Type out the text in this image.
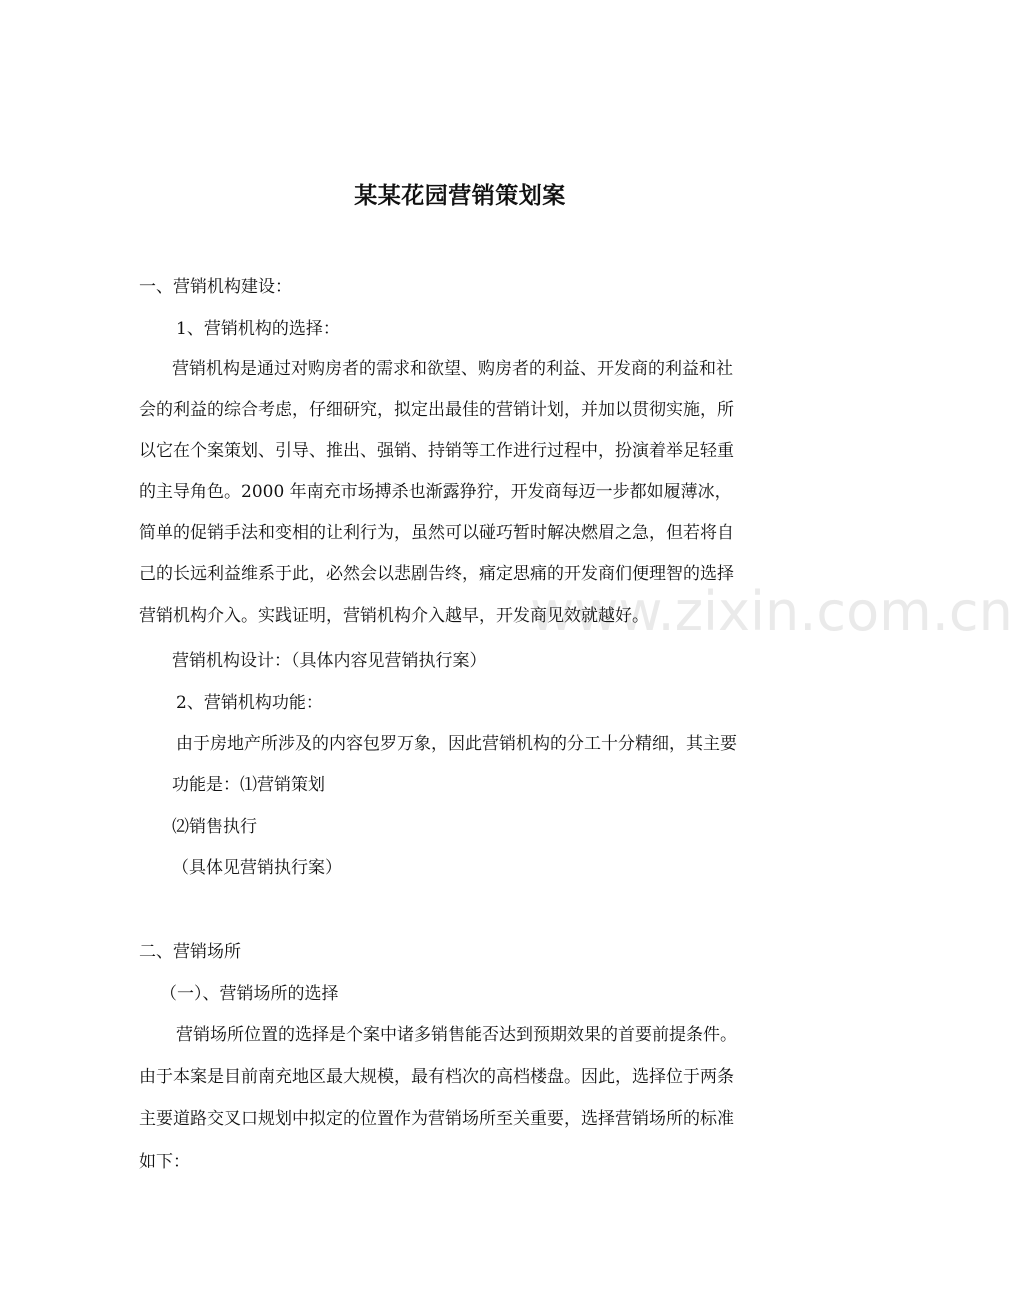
www.zixin.com.cn
某某花园营销策划案
一、营销机构建设：
1、营销机构的选择：
营销机构是通过对购房者的需求和欲望、购房者的利益、开发商的利益和社
会的利益的综合考虑，仔细研究，拟定出最佳的营销计划，并加以贯彻实施，所
以它在个案策划、引导、推出、强销、持销等工作进行过程中，扮演着举足轻重
的主导角色。2000 年南充市场搏杀也渐露狰狞，开发商每迈一步都如履薄冰，
简单的促销手法和变相的让利行为，虽然可以碰巧暂时解决燃眉之急，但若将自
己的长远利益维系于此，必然会以悲剧告终，痛定思痛的开发商们便理智的选择
营销机构介入。实践证明，营销机构介入越早，开发商见效就越好。
营销机构设计：（具体内容见营销执行案）
2、营销机构功能：
由于房地产所涉及的内容包罗万象，因此营销机构的分工十分精细，其主要
功能是：⑴营销策划
⑵销售执行
（具体见营销执行案）
二、营销场所
（一）、营销场所的选择
营销场所位置的选择是个案中诸多销售能否达到预期效果的首要前提条件。
由于本案是目前南充地区最大规模，最有档次的高档楼盘。因此，选择位于两条
主要道路交叉口规划中拟定的位置作为营销场所至关重要，选择营销场所的标准
如下：
